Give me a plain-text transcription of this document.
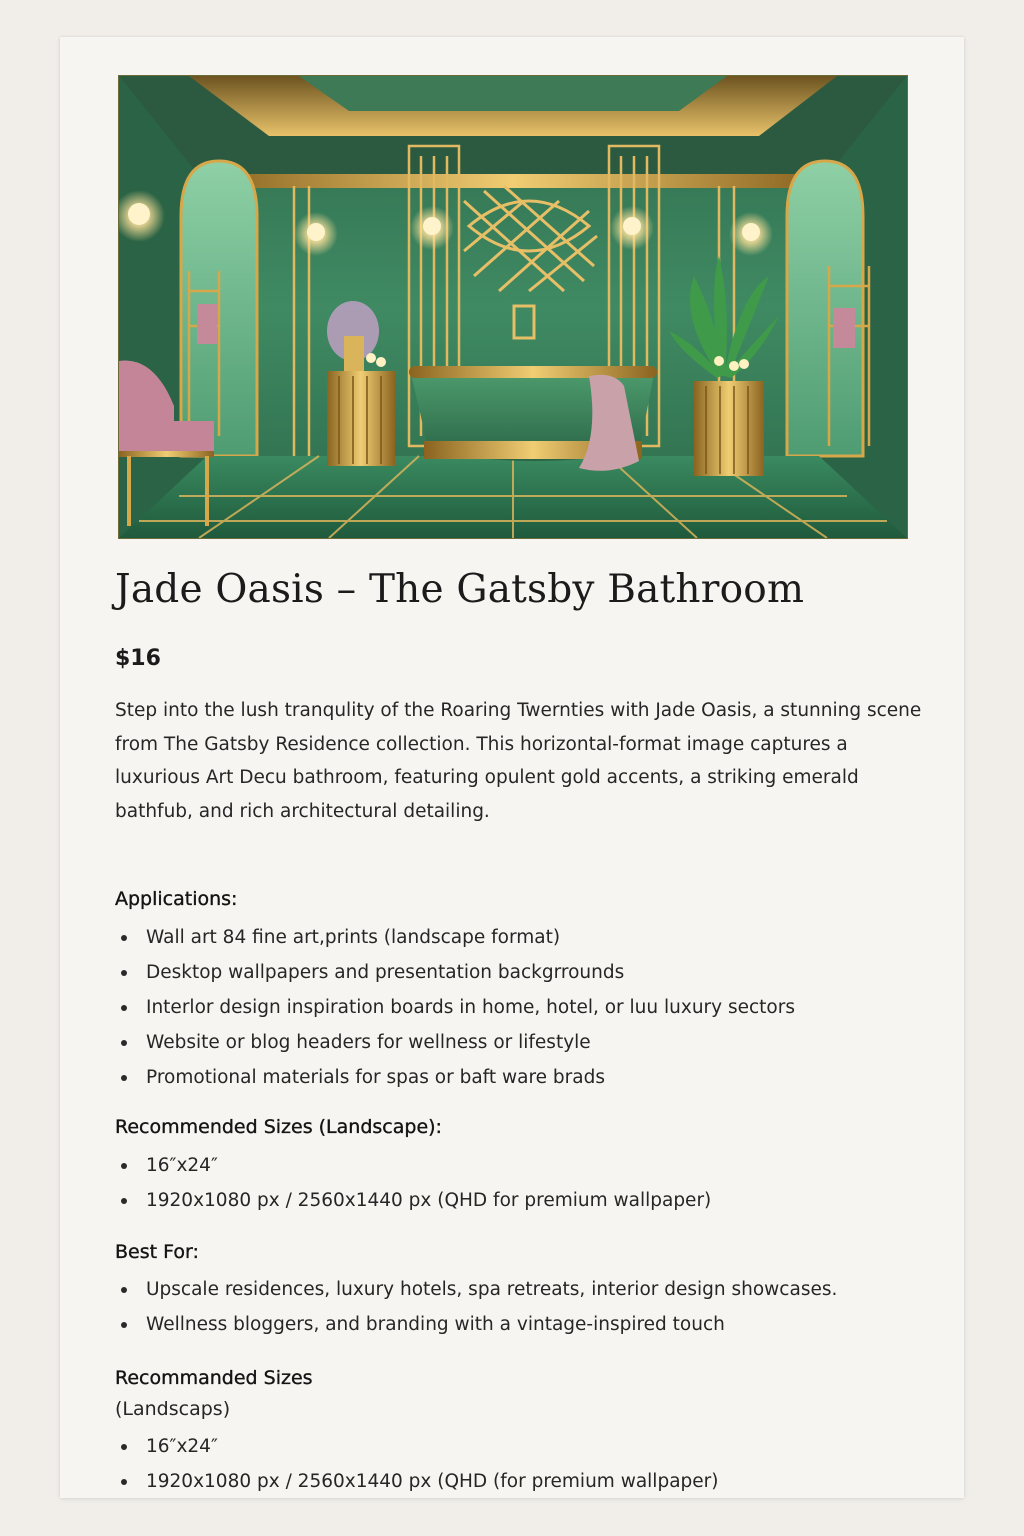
Jade Oasis – The Gatsby Bathroom
$16

Step into the lush tranqulity of the Roaring Twernties with Jade Oasis, a stunning scene from The Gatsby Residence collection. This horizontal-format image captures a luxurious Art Decu bathroom, featuring opulent gold accents, a striking emerald bathfub, and rich architectural detailing.

Applications:
Wall art 84 fine art,prints (landscape format)
Desktop wallpapers and presentation backgrrounds
Interlor design inspiration boards in home, hotel, or luu luxury sectors
Website or blog headers for wellness or lifestyle
Promotional materials for spas or baft ware brads
Recommended Sizes (Landscape):
16″x24″
1920x1080 px / 2560x1440 px (QHD for premium wallpaper)
Best For:
Upscale residences, luxury hotels, spa retreats, interior design showcases.
Wellness bloggers, and branding with a vintage-inspired touch
Recommanded Sizes
(Landscaps)
16″x24″
1920x1080 px / 2560x1440 px (QHD (for premium wallpaper)
